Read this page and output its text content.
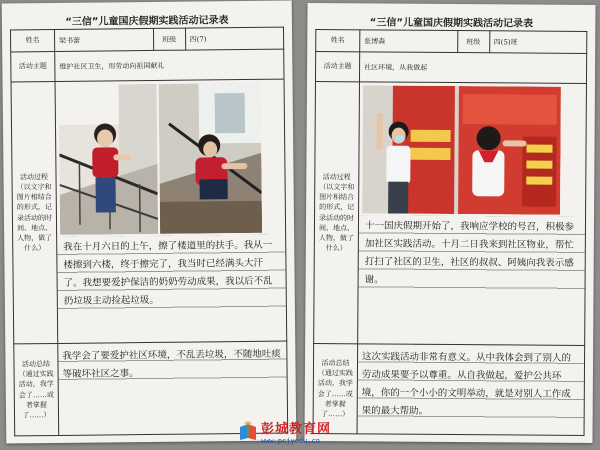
“三信”儿童国庆假期实践活动记录表
姓名	梁书蕾	班级	四(7)
活动主题	维护社区卫生，用劳动向祖国献礼		
活动过程（以文字和图片相结合的形式，记录活动的时间、地点、人物，做了什么）	我在十月六日的上午，擦了楼道里的扶手。我从一楼擦到六楼，终于擦完了，我当时已经满头大汗了。我想要爱护保洁的奶奶劳动成果，我以后不乱扔垃圾主动捡起垃圾。		

活动总结（通过实践活动，我学会了……或者掌握了……）	我学会了要爱护社区环境，不乱丢垃圾，不随地吐痰等破坏社区之事。		
“三信”儿童国庆假期实践活动记录表
姓名	张博森	班级	四(5)班
活动主题	社区环境，从我做起		
活动过程（以文字和图片相结合的形式，记录活动的时间、地点、人物，做了什么）	十一国庆假期开始了，我响应学校的号召，积极参加社区实践活动。十月二日我来到社区物业，帮忙打扫了社区的卫生，社区的叔叔、阿姨向我表示感谢。		

活动总结（通过实践活动，我学会了……或者掌握了……）	这次实践活动非常有意义。从中我体会到了别人的劳动成果要予以尊重。从自我做起，爱护公共环境，你的一个小小的文明举动，就是对别人工作成果的最大帮助。		
彭城教育网
www.pcjyedu.cn
